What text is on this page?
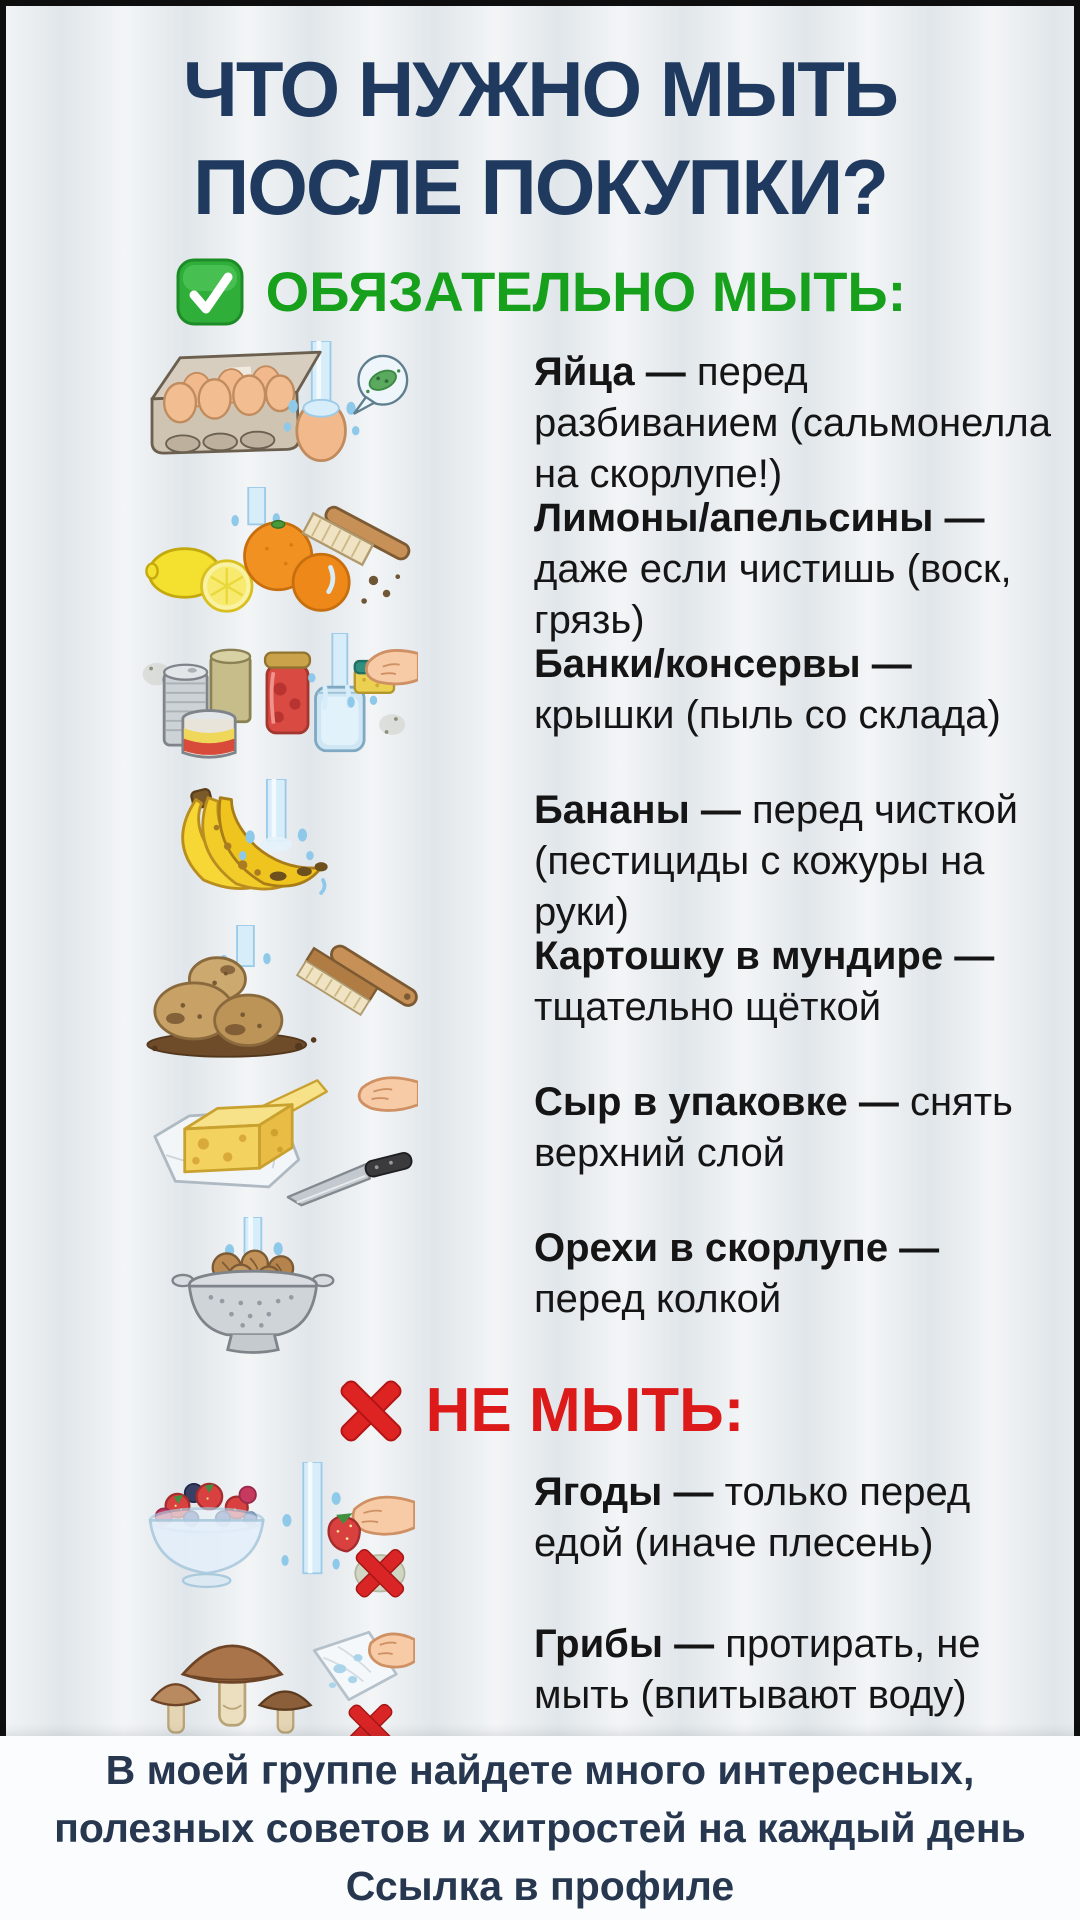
ЧТО НУЖНО МЫТЬ
ПОСЛЕ ПОКУПКИ?
ОБЯЗАТЕЛЬНО МЫТЬ:
Яйца — перед разбиванием (сальмонелла на скорлупе!)
Лимоны/апельсины — даже если чистишь (воск, грязь)
Банки/консервы — крышки (пыль со склада)
Бананы — перед чисткой (пестициды с кожуры на руки)
Картошку в мундире — тщательно щёткой
Сыр в упаковке — снять верхний слой
Орехи в скорлупе — перед колкой
НЕ МЫТЬ:
Ягоды — только перед едой (иначе плесень)
Грибы — протирать, не мыть (впитывают воду)
В моей группе найдете много интересных,
полезных советов и хитростей на каждый день
Ссылка в профиле
